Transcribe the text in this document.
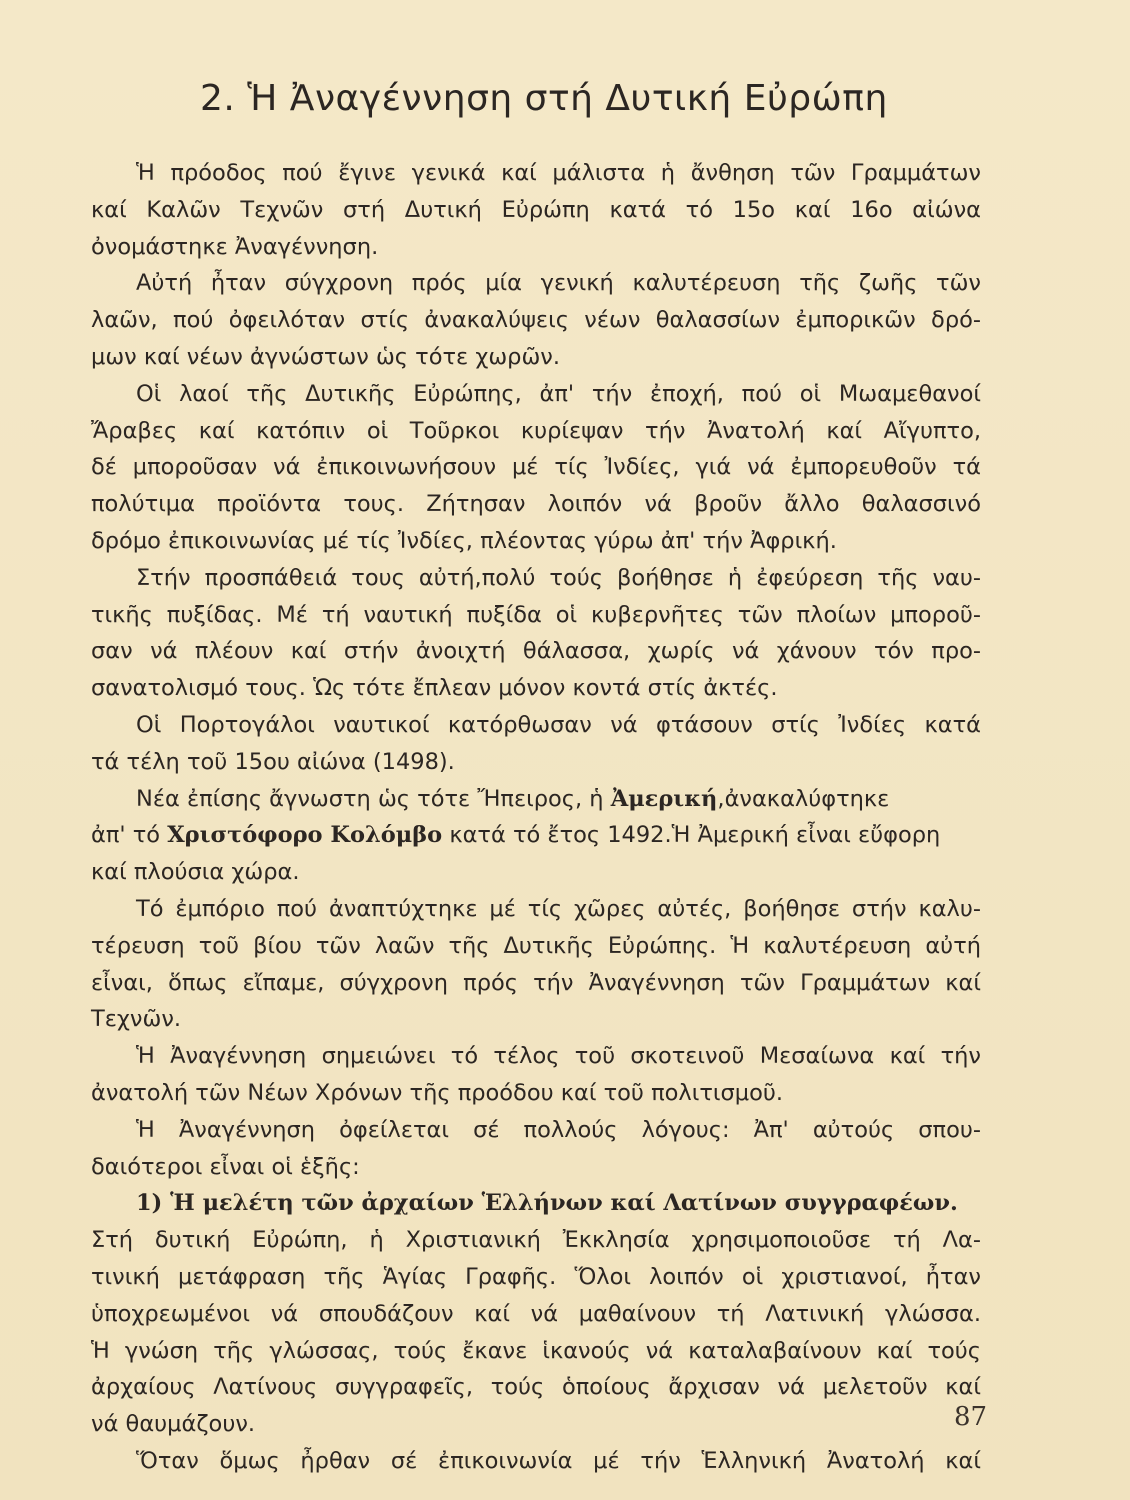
2. Ἡ Ἀναγέννηση στή Δυτική Εὐρώπη
Ἡ πρόοδος πού ἔγινε γενικά καί μάλιστα ἡ ἄνθηση τῶν Γραμμάτων
καί Καλῶν Τεχνῶν στή Δυτική Εὐρώπη κατά τό 15ο καί 16ο αἰώνα
ὀνομάστηκε Ἀναγέννηση.
Αὐτή ἦταν σύγχρονη πρός μία γενική καλυτέρευση τῆς ζωῆς τῶν
λαῶν, πού ὀφειλόταν στίς ἀνακαλύψεις νέων θαλασσίων ἐμπορικῶν δρό-
μων καί νέων ἀγνώστων ὡς τότε χωρῶν.
Οἱ λαοί τῆς Δυτικῆς Εὐρώπης, ἀπ' τήν ἐποχή, πού οἱ Μωαμεθανοί
Ἄραβες καί κατόπιν οἱ Τοῦρκοι κυρίεψαν τήν Ἀνατολή καί Αἴγυπτο,
δέ μποροῦσαν νά ἐπικοινωνήσουν μέ τίς Ἰνδίες, γιά νά ἐμπορευθοῦν τά
πολύτιμα προϊόντα τους. Ζήτησαν λοιπόν νά βροῦν ἄλλο θαλασσινό
δρόμο ἐπικοινωνίας μέ τίς Ἰνδίες, πλέοντας γύρω ἀπ' τήν Ἀφρική.
Στήν προσπάθειά τους αὐτή,πολύ τούς βοήθησε ἡ ἐφεύρεση τῆς ναυ-
τικῆς πυξίδας. Μέ τή ναυτική πυξίδα οἱ κυβερνῆτες τῶν πλοίων μποροῦ-
σαν νά πλέουν καί στήν ἀνοιχτή θάλασσα, χωρίς νά χάνουν τόν προ-
σανατολισμό τους. Ὡς τότε ἔπλεαν μόνον κοντά στίς ἀκτές.
Οἱ Πορτογάλοι ναυτικοί κατόρθωσαν νά φτάσουν στίς Ἰνδίες κατά
τά τέλη τοῦ 15ου αἰώνα (1498).
Νέα ἐπίσης ἄγνωστη ὡς τότε Ἤπειρος, ἡ Ἀμερική,ἀνακαλύφτηκε
ἀπ' τό Χριστόφορο Κολόμβο κατά τό ἔτος 1492.Ἡ Ἀμερική εἶναι εὔφορη
καί πλούσια χώρα.
Τό ἐμπόριο πού ἀναπτύχτηκε μέ τίς χῶρες αὐτές, βοήθησε στήν καλυ-
τέρευση τοῦ βίου τῶν λαῶν τῆς Δυτικῆς Εὐρώπης. Ἡ καλυτέρευση αὐτή
εἶναι, ὅπως εἴπαμε, σύγχρονη πρός τήν Ἀναγέννηση τῶν Γραμμάτων καί
Τεχνῶν.
Ἡ Ἀναγέννηση σημειώνει τό τέλος τοῦ σκοτεινοῦ Μεσαίωνα καί τήν
ἀνατολή τῶν Νέων Χρόνων τῆς προόδου καί τοῦ πολιτισμοῦ.
Ἡ Ἀναγέννηση ὀφείλεται σέ πολλούς λόγους: Ἀπ' αὐτούς σπου-
δαιότεροι εἶναι οἱ ἑξῆς:
1) Ἡ μελέτη τῶν ἀρχαίων Ἑλλήνων καί Λατίνων συγγραφέων.
Στή δυτική Εὐρώπη, ἡ Χριστιανική Ἐκκλησία χρησιμοποιοῦσε τή Λα-
τινική μετάφραση τῆς Ἁγίας Γραφῆς. Ὅλοι λοιπόν οἱ χριστιανοί, ἦταν
ὑποχρεωμένοι νά σπουδάζουν καί νά μαθαίνουν τή Λατινική γλώσσα.
Ἡ γνώση τῆς γλώσσας, τούς ἔκανε ἱκανούς νά καταλαβαίνουν καί τούς
ἀρχαίους Λατίνους συγγραφεῖς, τούς ὁποίους ἄρχισαν νά μελετοῦν καί
νά θαυμάζουν.
Ὅταν ὅμως ἦρθαν σέ ἐπικοινωνία μέ τήν Ἑλληνική Ἀνατολή καί
87
